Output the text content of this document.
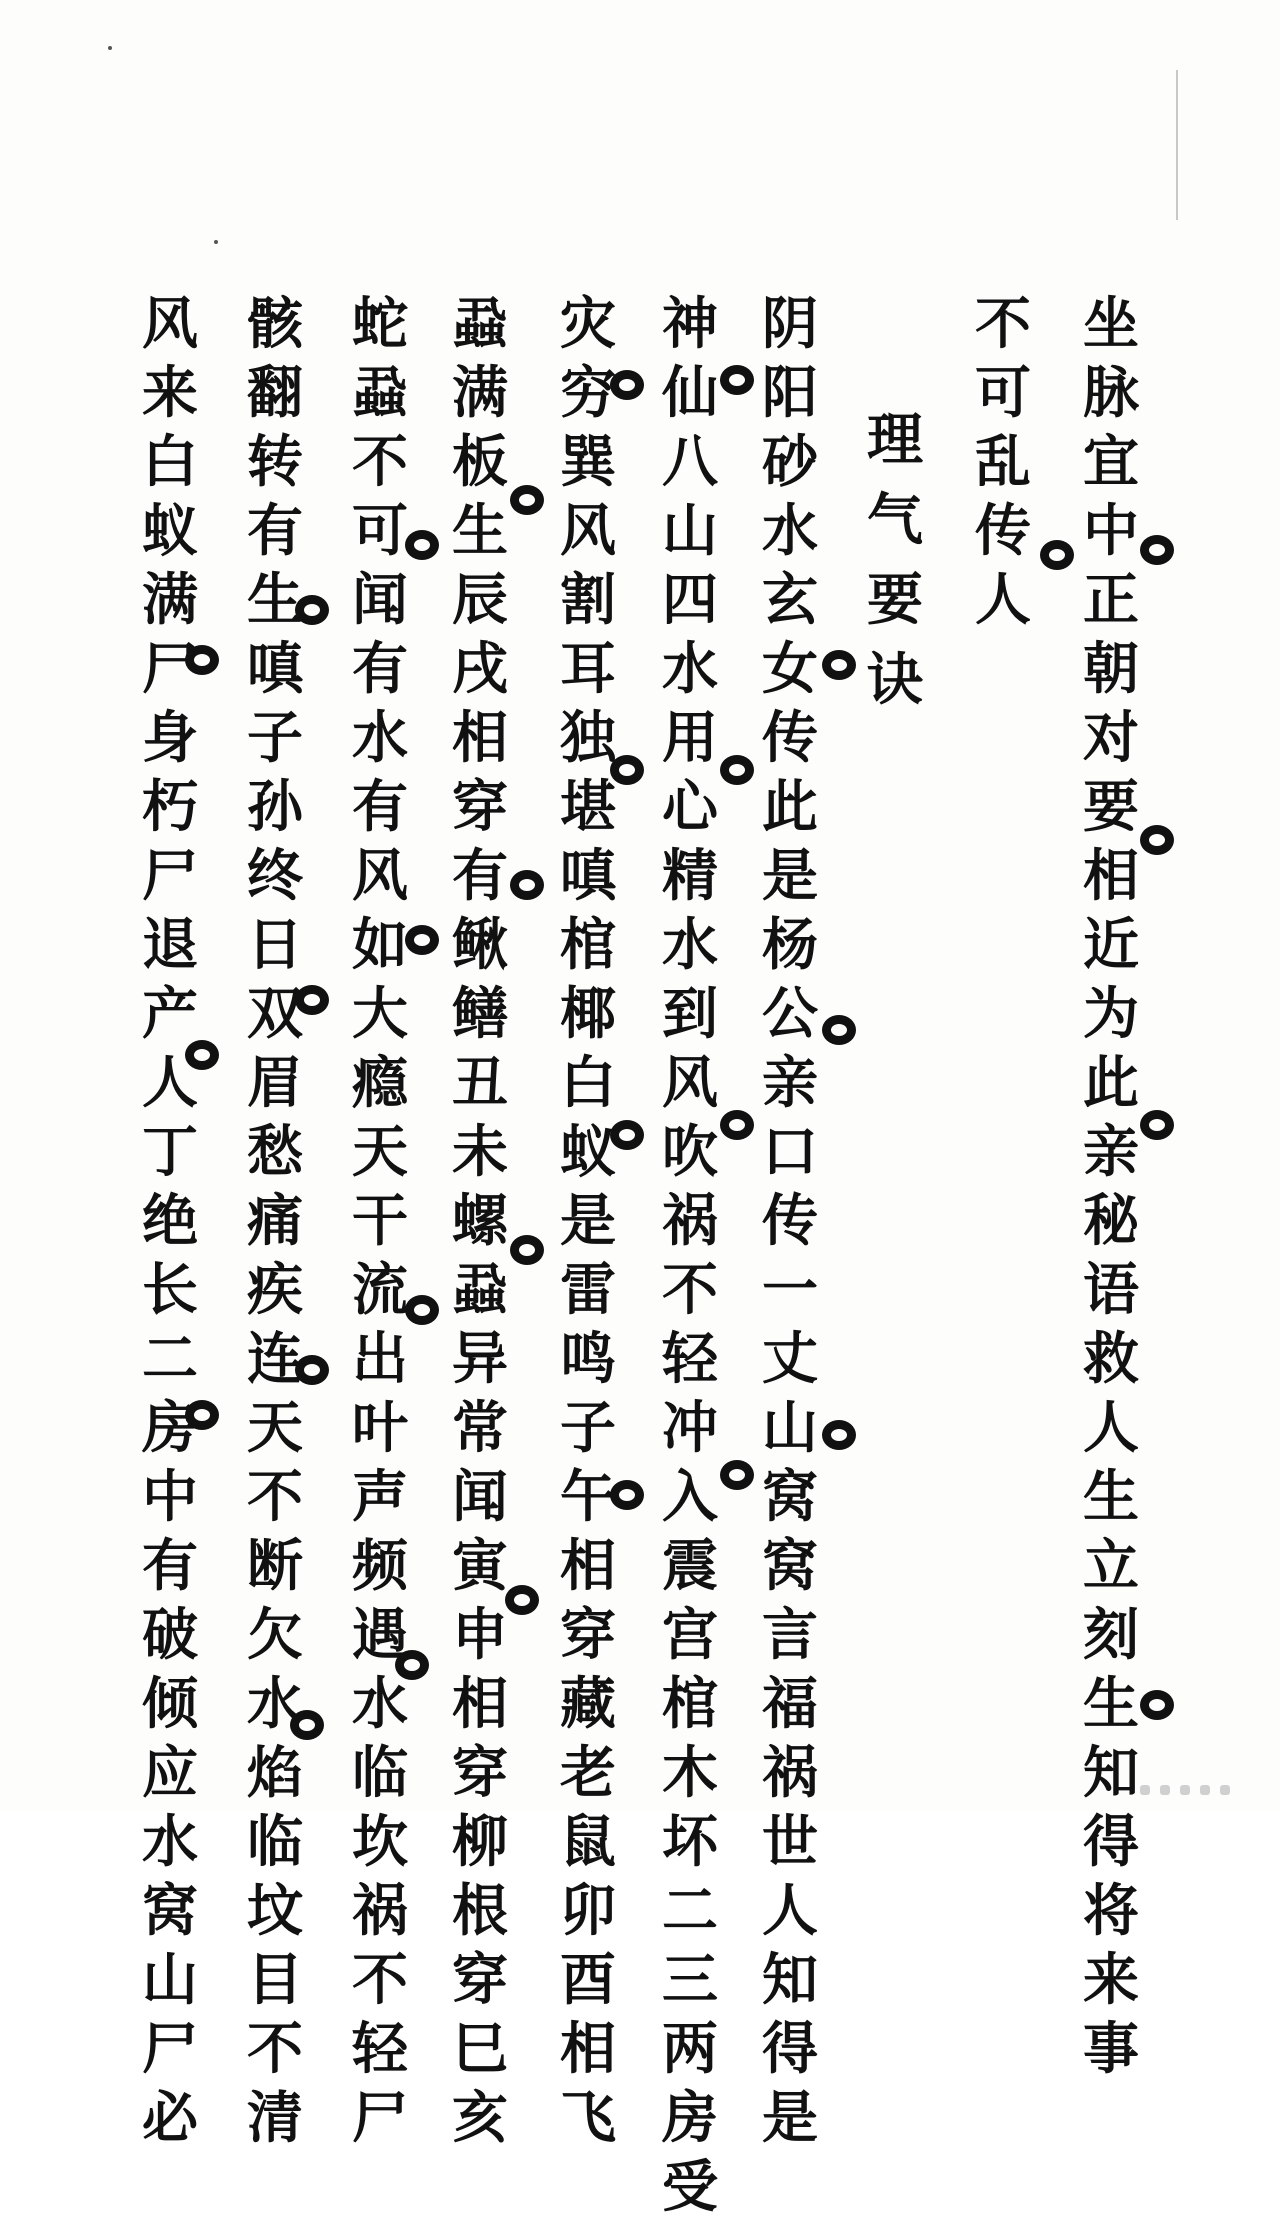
坐
脉
宜
中
正
朝
对
要
相
近
为
此
亲
秘
语
救
人
生
立
刻
生
知
得
将
来
事
不
可
乱
传
人
理
气
要
诀
阴
阳
砂
水
玄
女
传
此
是
杨
公
亲
口
传
一
丈
山
窝
窝
言
福
祸
世
人
知
得
是
神
仙
八
山
四
水
用
心
精
水
到
风
吹
祸
不
轻
冲
入
震
宫
棺
木
坏
二
三
两
房
受
灾
穷
巽
风
割
耳
独
堪
嗔
棺
椰
白
蚁
是
雷
鸣
子
午
相
穿
藏
老
鼠
卯
酉
相
飞
蝨
满
板
生
辰
戌
相
穿
有
鳅
鳝
丑
未
螺
蝨
异
常
闻
寅
申
相
穿
柳
根
穿
巳
亥
蛇
蝨
不
可
闻
有
水
有
风
如
大
瘾
天
干
流
出
叶
声
频
遇
水
临
坎
祸
不
轻
尸
骸
翻
转
有
生
嗔
子
孙
终
日
双
眉
愁
痛
疾
连
天
不
断
欠
水
焰
临
坟
目
不
清
风
来
白
蚁
满
尸
身
朽
尸
退
产
人
丁
绝
长
二
房
中
有
破
倾
应
水
窝
山
尸
必
